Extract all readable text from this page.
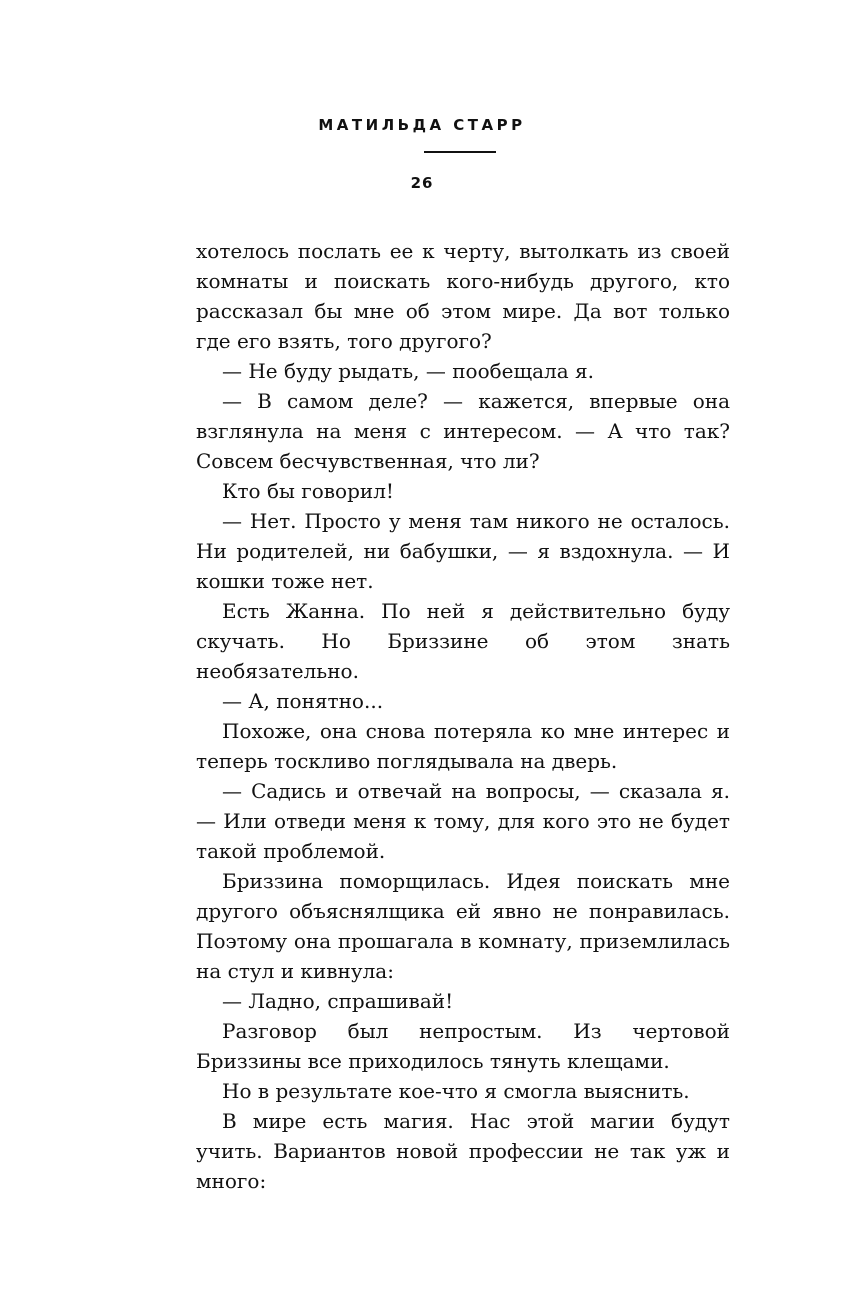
МАТИЛЬДА СТАРР
26

хотелось послать ее к черту, вытолкать из своей комнаты и поискать кого-нибудь другого, кто рассказал бы мне об этом мире. Да вот только где его взять, того другого?

— Не буду рыдать, — пообещала я.

— В самом деле? — кажется, впервые она взглянула на меня с интересом. — А что так? Совсем бесчувственная, что ли?

Кто бы говорил!

— Нет. Просто у меня там никого не осталось. Ни родителей, ни бабушки, — я вздохнула. — И кошки тоже нет.

Есть Жанна. По ней я действительно буду скучать. Но Бриззине об этом знать необязательно.

— А, понятно...

Похоже, она снова потеряла ко мне интерес и теперь тоскливо поглядывала на дверь.

— Садись и отвечай на вопросы, — сказала я. — Или отведи меня к тому, для кого это не будет такой проблемой.

Бриззина поморщилась. Идея поискать мне другого объяснялщика ей явно не понравилась. Поэтому она прошагала в комнату, приземлилась на стул и кивнула:

— Ладно, спрашивай!

Разговор был непростым. Из чертовой Бриззины все приходилось тянуть клещами.

Но в результате кое-что я смогла выяснить.

В мире есть магия. Нас этой магии будут учить. Вариантов новой профессии не так уж и много:
